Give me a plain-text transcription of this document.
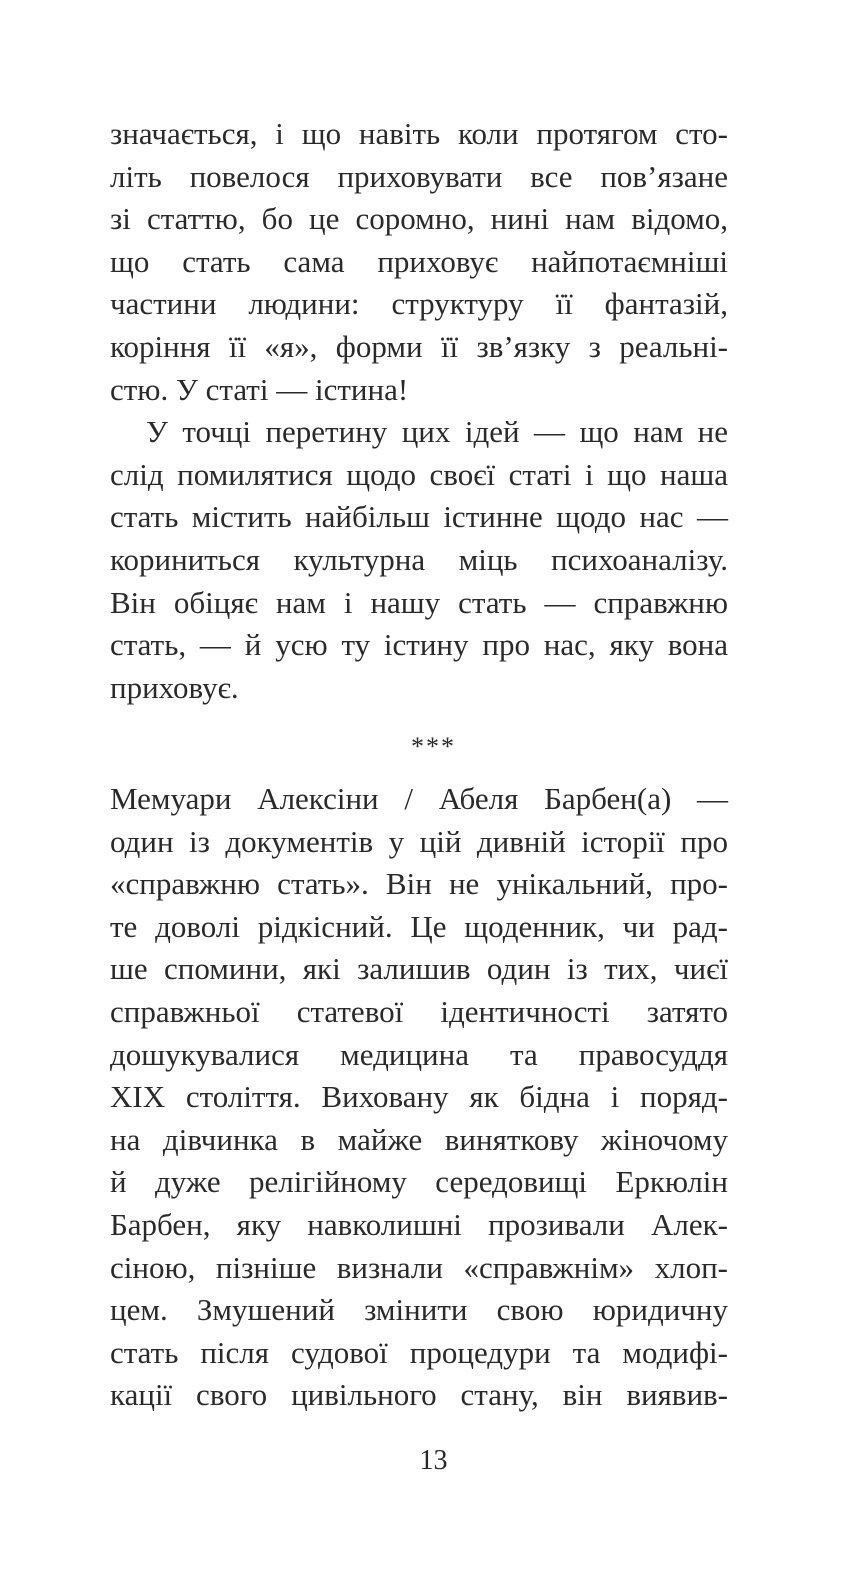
значається, і що навіть коли протягом сто-
літь повелося приховувати все пов’язане
зі статтю, бо це соромно, нині нам відомо,
що стать сама приховує найпотаємніші
частини людини: структуру її фантазій,
коріння її «я», форми її зв’язку з реальні-
стю. У статі — істина!
У точці перетину цих ідей — що нам не
слід помилятися щодо своєї статі і що наша
стать містить найбільш істинне щодо нас —
кориниться культурна міць психоаналізу.
Він обіцяє нам і нашу стать — справжню
стать, — й усю ту істину про нас, яку вона
приховує.
***
Мемуари Алексіни / Абеля Барбен(а) —
один із документів у цій дивній історії про
«справжню стать». Він не унікальний, про-
те доволі рідкісний. Це щоденник, чи рад-
ше спомини, які залишив один із тих, чиєї
справжньої статевої ідентичності затято
дошукувалися медицина та правосуддя
XIX століття. Виховану як бідна і поряд-
на дівчинка в майже виняткову жіночому
й дуже релігійному середовищі Еркюлін
Барбен, яку навколишні прозивали Алек-
сіною, пізніше визнали «справжнім» хлоп-
цем. Змушений змінити свою юридичну
стать після судової процедури та модифі-
кації свого цивільного стану, він виявив-
13
